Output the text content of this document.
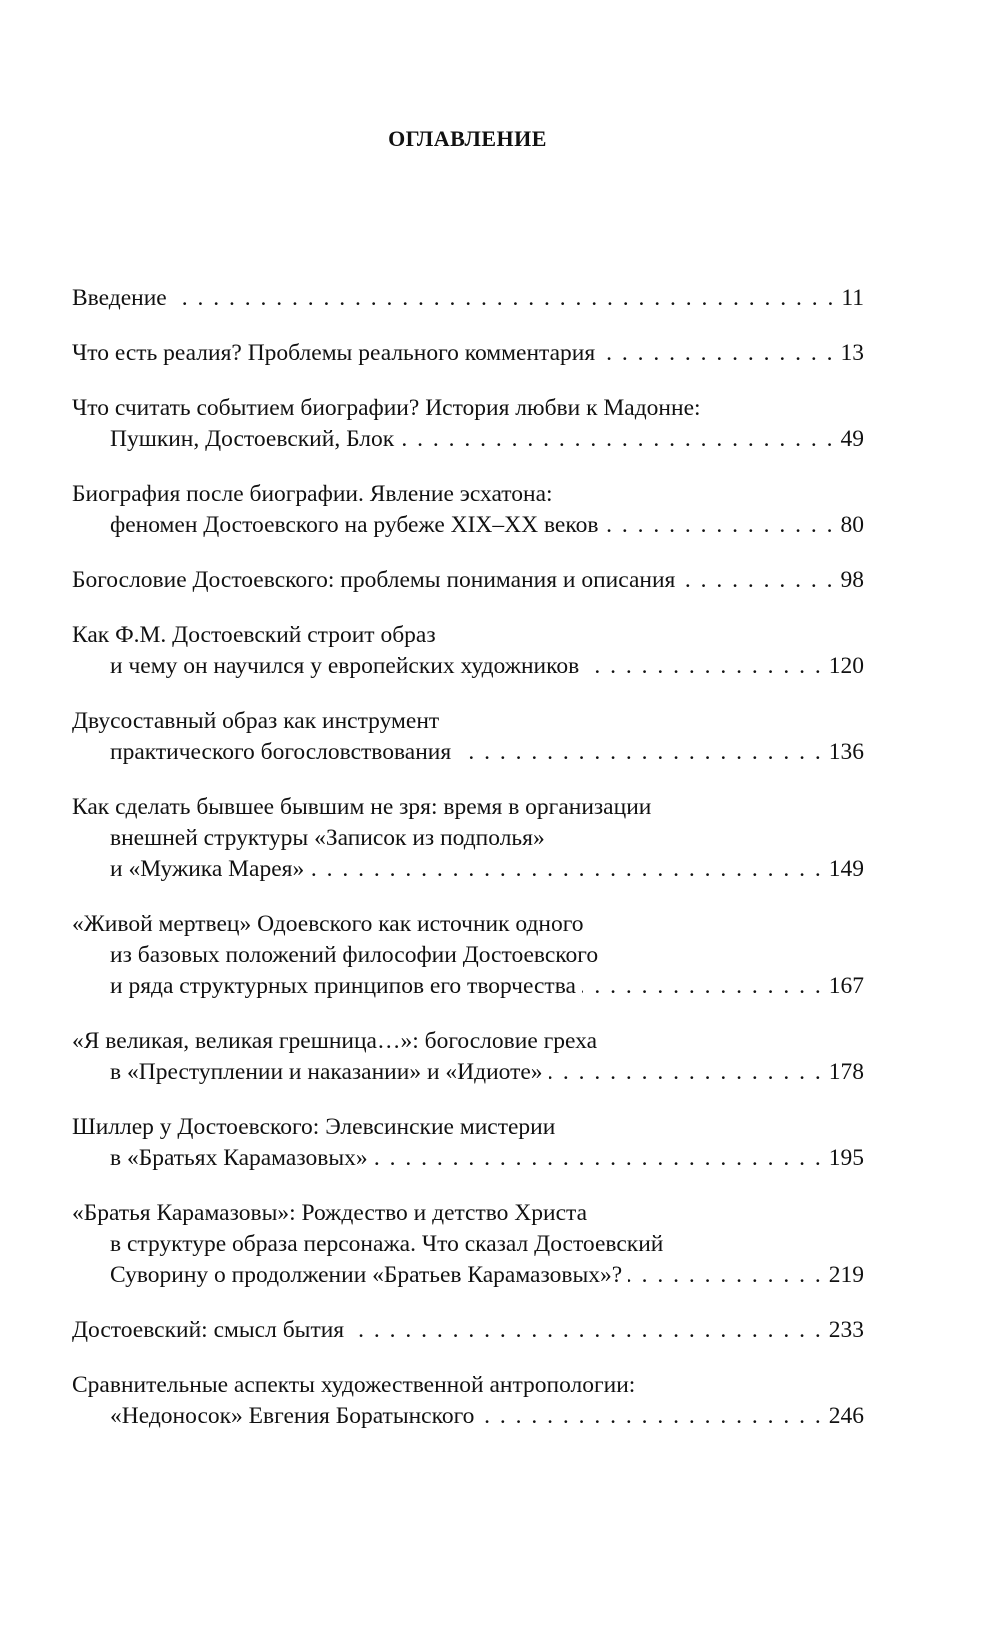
ОГЛАВЛЕНИЕ
Введение . . .	11
Что есть реалия? Проблемы реального комментария . . .	13
Что считать событием биографии? История любви к Мадонне:
Пушкин, Достоевский, Блок . . .	49
Биография после биографии. Явление эсхатона:
феномен Достоевского на рубеже XIX–XX веков . . .	80
Богословие Достоевского: проблемы понимания и описания . . .	98
Как Ф.М. Достоевский строит образ
и чему он научился у европейских художников . . .	120
Двусоставный образ как инструмент
практического богословствования . . .	136
Как сделать бывшее бывшим не зря: время в организации
внешней структуры «Записок из подполья»
и «Мужика Марея» . . .	149
«Живой мертвец» Одоевского как источник одного
из базовых положений философии Достоевского
и ряда структурных принципов его творчества . . .	167
«Я великая, великая грешница…»: богословие греха
в «Преступлении и наказании» и «Идиоте» . . .	178
Шиллер у Достоевского: Элевсинские мистерии
в «Братьях Карамазовых» . . .	195
«Братья Карамазовы»: Рождество и детство Христа
в структуре образа персонажа. Что сказал Достоевский
Суворину о продолжении «Братьев Карамазовых»? . . .	219
Достоевский: смысл бытия . . .	233
Сравнительные аспекты художественной антропологии:
«Недоносок» Евгения Боратынского . . .	246
